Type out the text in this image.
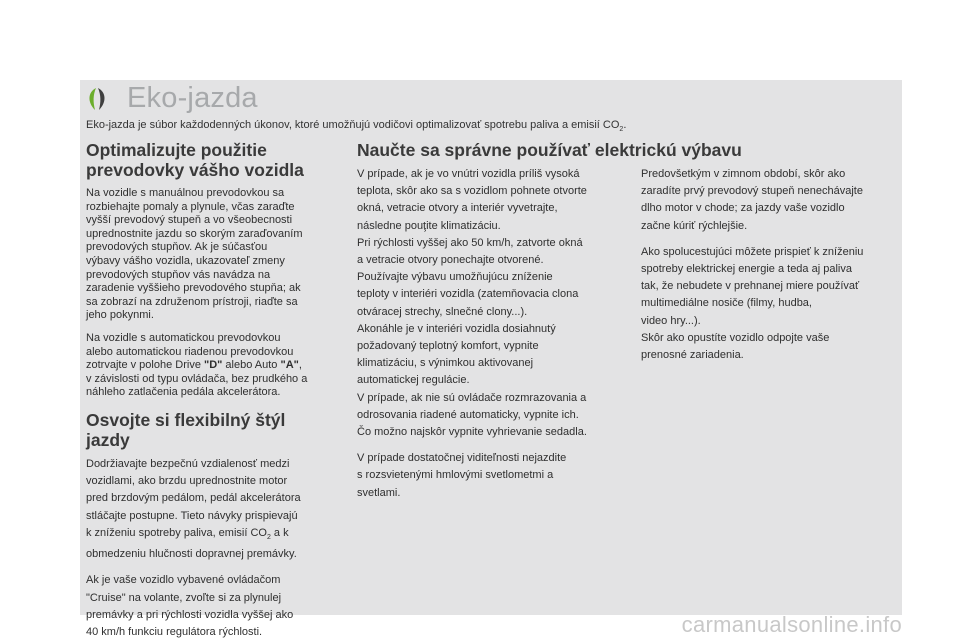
Eko-jazda
Eko-jazda je súbor každodenných úkonov, ktoré umožňujú vodičovi optimalizovať spotrebu paliva a emisií $CO_2$.
Optimalizujte použitie
prevodovky vášho vozidla

Na vozidle s manuálnou prevodovkou sa
rozbiehajte pomaly a plynule, včas zaraďte
vyšší prevodový stupeň a vo všeobecnosti
uprednostnite jazdu so skorým zaraďovaním
prevodových stupňov. Ak je súčasťou
výbavy vášho vozidla, ukazovateľ zmeny
prevodových stupňov vás navádza na
zaradenie vyššieho prevodového stupňa; ak
sa zobrazí na združenom prístroji, riaďte sa
jeho pokynmi.

Na vozidle s automatickou prevodovkou
alebo automatickou riadenou prevodovkou
zotrvajte v polohe Drive "D" alebo Auto "A",
v závislosti od typu ovládača, bez prudkého a
náhleho zatlačenia pedála akcelerátora.

Osvojte si flexibilný štýl
jazdy

Dodržiavajte bezpečnú vzdialenosť medzi
vozidlami, ako brzdu uprednostnite motor
pred brzdovým pedálom, pedál akcelerátora
stláčajte postupne. Tieto návyky prispievajú
k zníženiu spotreby paliva, emisií $CO_2$ a k
obmedzeniu hlučnosti dopravnej premávky.

Ak je vaše vozidlo vybavené ovládačom
"Cruise" na volante, zvoľte si za plynulej
premávky a pri rýchlosti vozidla vyššej ako
40 km/h funkciu regulátora rýchlosti.

Naučte sa správne používať elektrickú výbavu

V prípade, ak je vo vnútri vozidla príliš vysoká
teplota, skôr ako sa s vozidlom pohnete otvorte
okná, vetracie otvory a interiér vyvetrajte,
následne pouţite klimatizáciu.
Pri rýchlosti vyššej ako 50 km/h, zatvorte okná
a vetracie otvory ponechajte otvorené.
Používajte výbavu umožňujúcu zníženie
teploty v interiéri vozidla (zatemňovacia clona
otváracej strechy, slnečné clony...).
Akonáhle je v interiéri vozidla dosiahnutý
požadovaný teplotný komfort, vypnite
klimatizáciu, s výnimkou aktivovanej
automatickej regulácie.
V prípade, ak nie sú ovládače rozmrazovania a
odrosovania riadené automaticky, vypnite ich.
Čo možno najskôr vypnite vyhrievanie sedadla.

V prípade dostatočnej viditeľnosti nejazdite
s rozsvietenými hmlovými svetlometmi a
svetlami.

Predovšetkým v zimnom období, skôr ako
zaradíte prvý prevodový stupeň nenechávajte
dlho motor v chode; za jazdy vaše vozidlo
začne kúriť rýchlejšie.

Ako spolucestujúci môžete prispieť k zníženiu
spotreby elektrickej energie a teda aj paliva
tak, že nebudete v prehnanej miere používať
multimediálne nosiče (filmy, hudba,
video hry...).
Skôr ako opustíte vozidlo odpojte vaše
prenosné zariadenia.

carmanualsonline.info
